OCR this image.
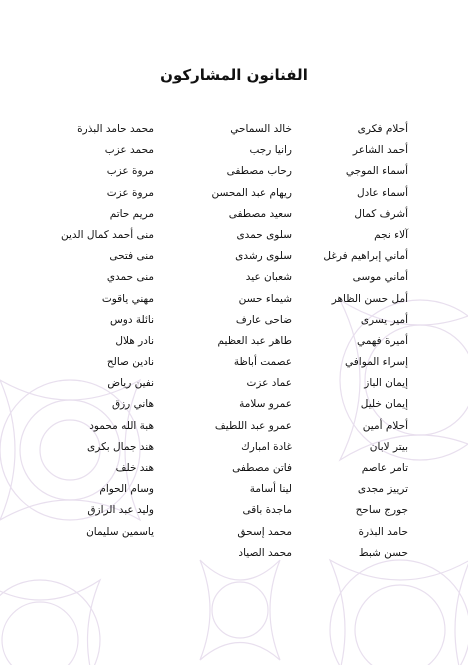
الفنانون المشاركون
أحلام فكرى
أحمد الشاعر
أسماء الموجي
أسماء عادل
أشرف كمال
آلاء نجم
أماني إبراهيم فرغل
أماني موسى
أمل حسن الظاهر
أمير يسرى
أميرة فهمي
إسراء الموافي
إيمان الباز
إيمان خليل
أحلام أمين
بيتر لابان
تامر عاصم
ترييز مجدى
جورج ساحح
حامد البذرة
حسن شبط
خالد السماحي
رانيا رجب
رحاب مصطفى
ريهام عبد المحسن
سعيد مصطفى
سلوى حمدى
سلوى رشدى
شعبان عيد
شيماء حسن
ضاحى عارف
طاهر عبد العظيم
عصمت أباظة
عماد عزت
عمرو سلامة
عمرو عبد اللطيف
غادة امبارك
فاتن مصطفى
لينا أسامة
ماجدة باقى
محمد إسحق
محمد الصياد
محمد حامد البذرة
محمد عزب
مروة عزب
مروة عزت
مريم حاتم
منى أحمد كمال الدين
منى فتحى
منى حمدي
مهني ياقوت
نائلة دوس
نادر هلال
نادين صالح
نفين رياض
هاني رزق
هبة الله محمود
هند جمال بكرى
هند خلف
وسام الحوام
وليد عبد الرازق
ياسمين سليمان
